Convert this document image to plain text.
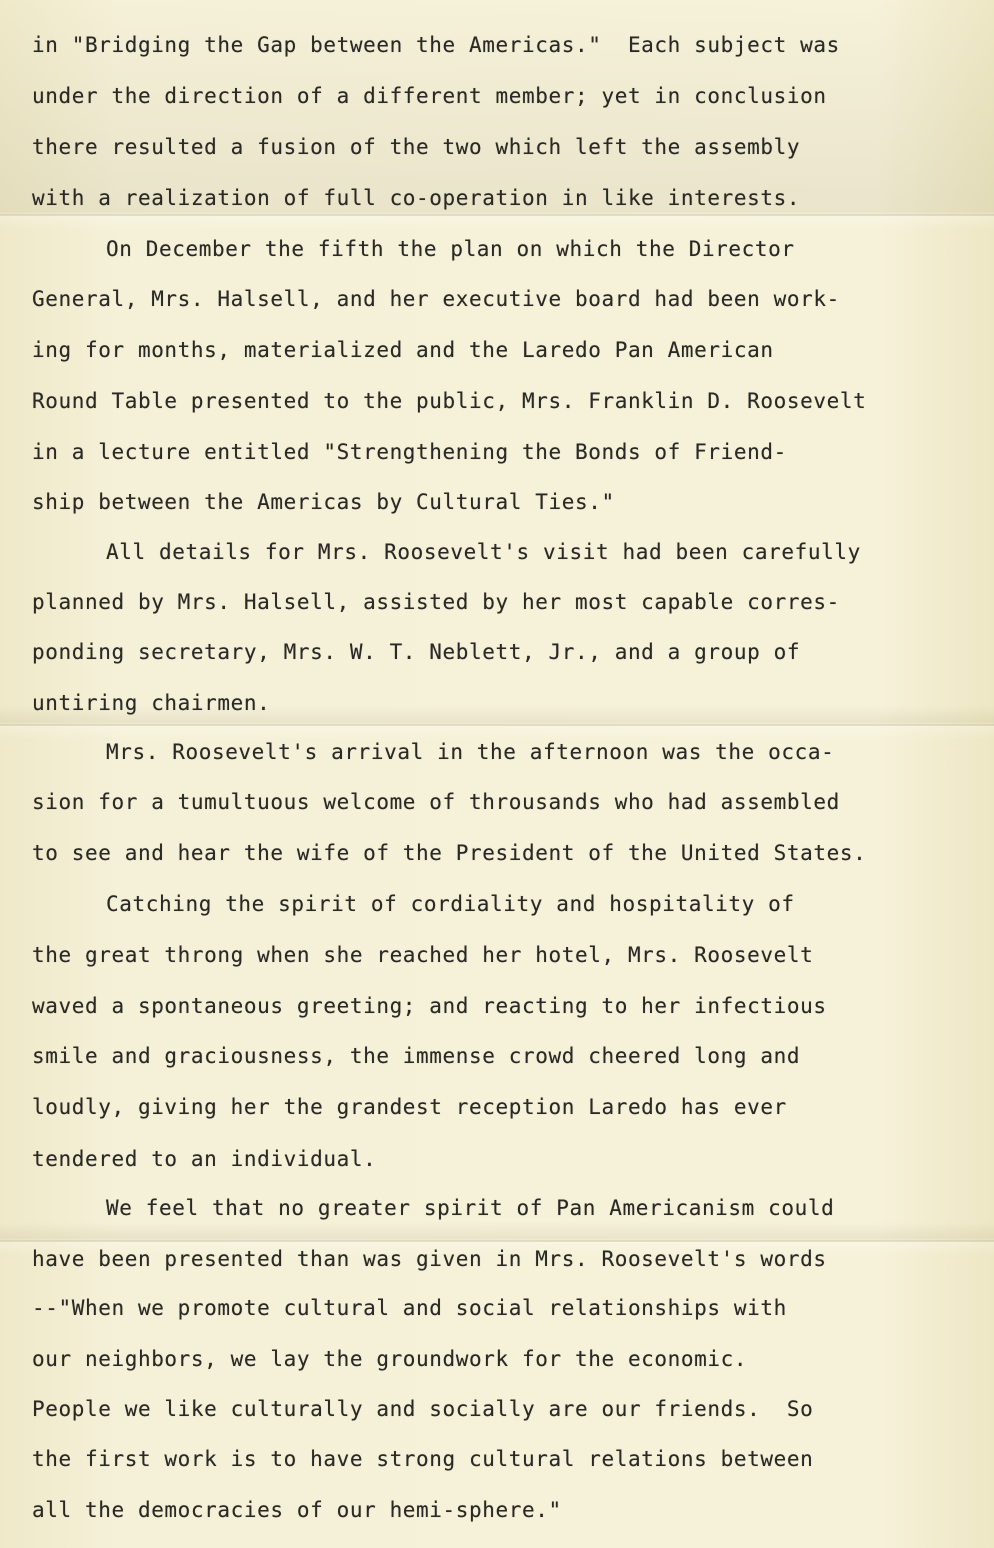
in "Bridging the Gap between the Americas."  Each subject was
under the direction of a different member; yet in conclusion
there resulted a fusion of the two which left the assembly
with a realization of full co-operation in like interests.
On December the fifth the plan on which the Director
General, Mrs. Halsell, and her executive board had been work-
ing for months, materialized and the Laredo Pan American
Round Table presented to the public, Mrs. Franklin D. Roosevelt
in a lecture entitled "Strengthening the Bonds of Friend-
ship between the Americas by Cultural Ties."
All details for Mrs. Roosevelt's visit had been carefully
planned by Mrs. Halsell, assisted by her most capable corres-
ponding secretary, Mrs. W. T. Neblett, Jr., and a group of
untiring chairmen.
Mrs. Roosevelt's arrival in the afternoon was the occa-
sion for a tumultuous welcome of throusands who had assembled
to see and hear the wife of the President of the United States.
Catching the spirit of cordiality and hospitality of
the great throng when she reached her hotel, Mrs. Roosevelt
waved a spontaneous greeting; and reacting to her infectious
smile and graciousness, the immense crowd cheered long and
loudly, giving her the grandest reception Laredo has ever
tendered to an individual.
We feel that no greater spirit of Pan Americanism could
have been presented than was given in Mrs. Roosevelt's words
--"When we promote cultural and social relationships with
our neighbors, we lay the groundwork for the economic.
People we like culturally and socially are our friends.  So
the first work is to have strong cultural relations between
all the democracies of our hemi-sphere."
